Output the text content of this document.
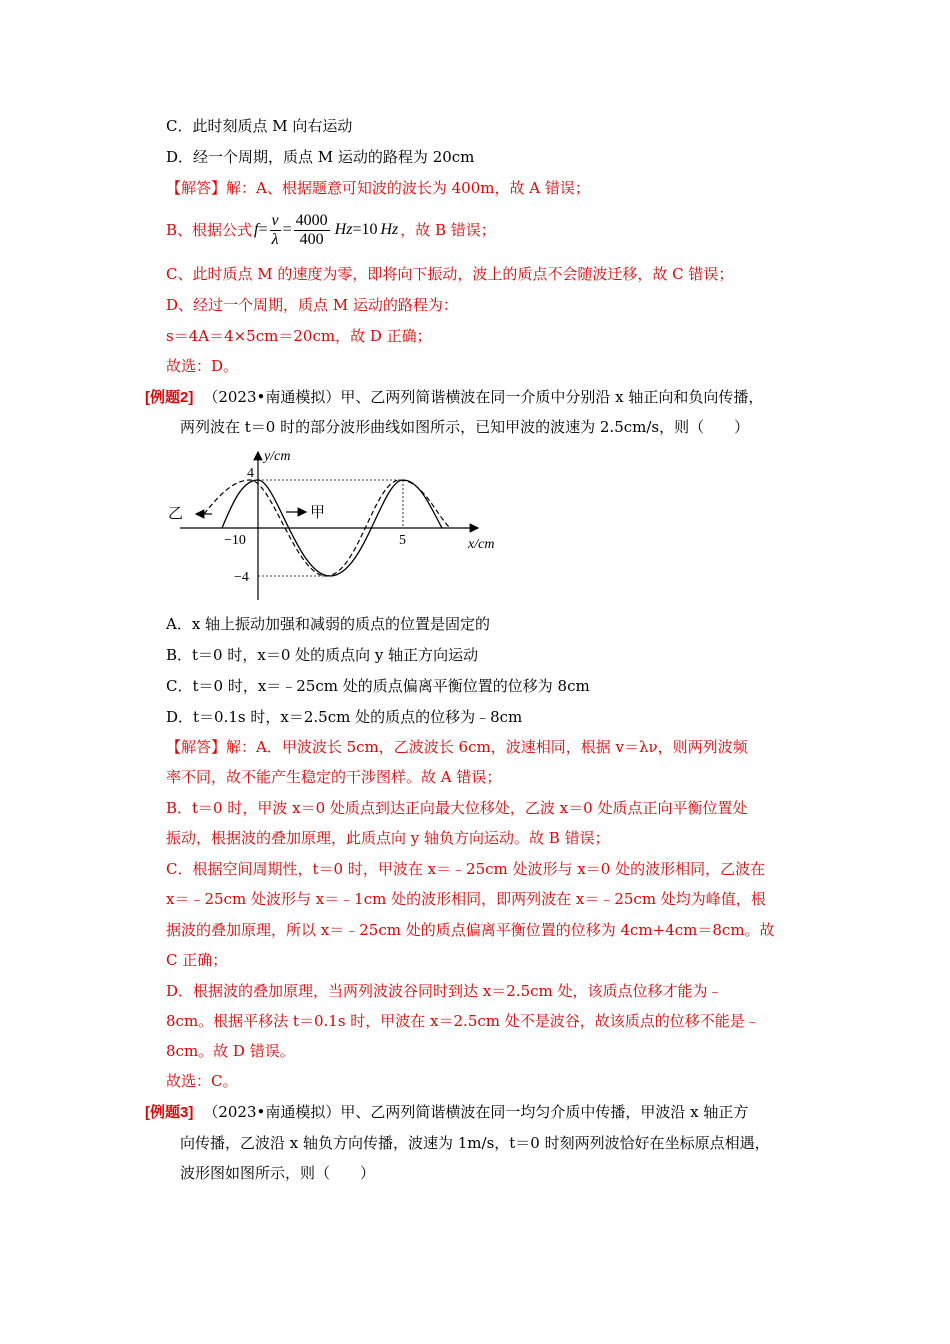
C．此时刻质点 M 向右运动
D．经一个周期，质点 M 运动的路程为 20cm
【解答】解：A、根据题意可知波的波长为 400m，故 A 错误；
B、根据公式 $f = \frac{v}{\lambda} = \frac{4000}{400}$ Hz =10 Hz ，故 B 错误；
C、此时质点 M 的速度为零，即将向下振动，波上的质点不会随波迁移，故 C 错误；
D、经过一个周期，质点 M 运动的路程为：
s＝4A＝4×5cm＝20cm，故 D 正确；
故选：D。
[例题2] （2023•南通模拟）甲、乙两列简谐横波在同一介质中分别沿 x 轴正向和负向传播，
两列波在 t＝0 时的部分波形曲线如图所示，已知甲波的波速为 2.5cm/s，则（　　）
乙	甲
y/cm
x/cm
4
−4
−10	5
A．x 轴上振动加强和减弱的质点的位置是固定的
B．t＝0 时，x＝0 处的质点向 y 轴正方向运动
C．t＝0 时，x＝﹣25cm 处的质点偏离平衡位置的位移为 8cm
D．t＝0.1s 时，x＝2.5cm 处的质点的位移为﹣8cm
【解答】解：A．甲波波长 5cm，乙波波长 6cm，波速相同，根据 v＝λν，则两列波频
率不同，故不能产生稳定的干涉图样。故 A 错误；
B．t＝0 时，甲波 x＝0 处质点到达正向最大位移处，乙波 x＝0 处质点正向平衡位置处
振动，根据波的叠加原理，此质点向 y 轴负方向运动。故 B 错误；
C．根据空间周期性，t＝0 时，甲波在 x＝﹣25cm 处波形与 x＝0 处的波形相同，乙波在
x＝﹣25cm 处波形与 x＝﹣1cm 处的波形相同，即两列波在 x＝﹣25cm 处均为峰值，根
据波的叠加原理，所以 x＝﹣25cm 处的质点偏离平衡位置的位移为 4cm+4cm＝8cm。故
C 正确；
D．根据波的叠加原理，当两列波波谷同时到达 x＝2.5cm 处，该质点位移才能为﹣
8cm。根据平移法 t＝0.1s 时，甲波在 x＝2.5cm 处不是波谷，故该质点的位移不能是﹣
8cm。故 D 错误。
故选：C。
[例题3] （2023•南通模拟）甲、乙两列简谐横波在同一均匀介质中传播，甲波沿 x 轴正方
向传播，乙波沿 x 轴负方向传播，波速为 1m/s，t＝0 时刻两列波恰好在坐标原点相遇，
波形图如图所示，则（　　）
